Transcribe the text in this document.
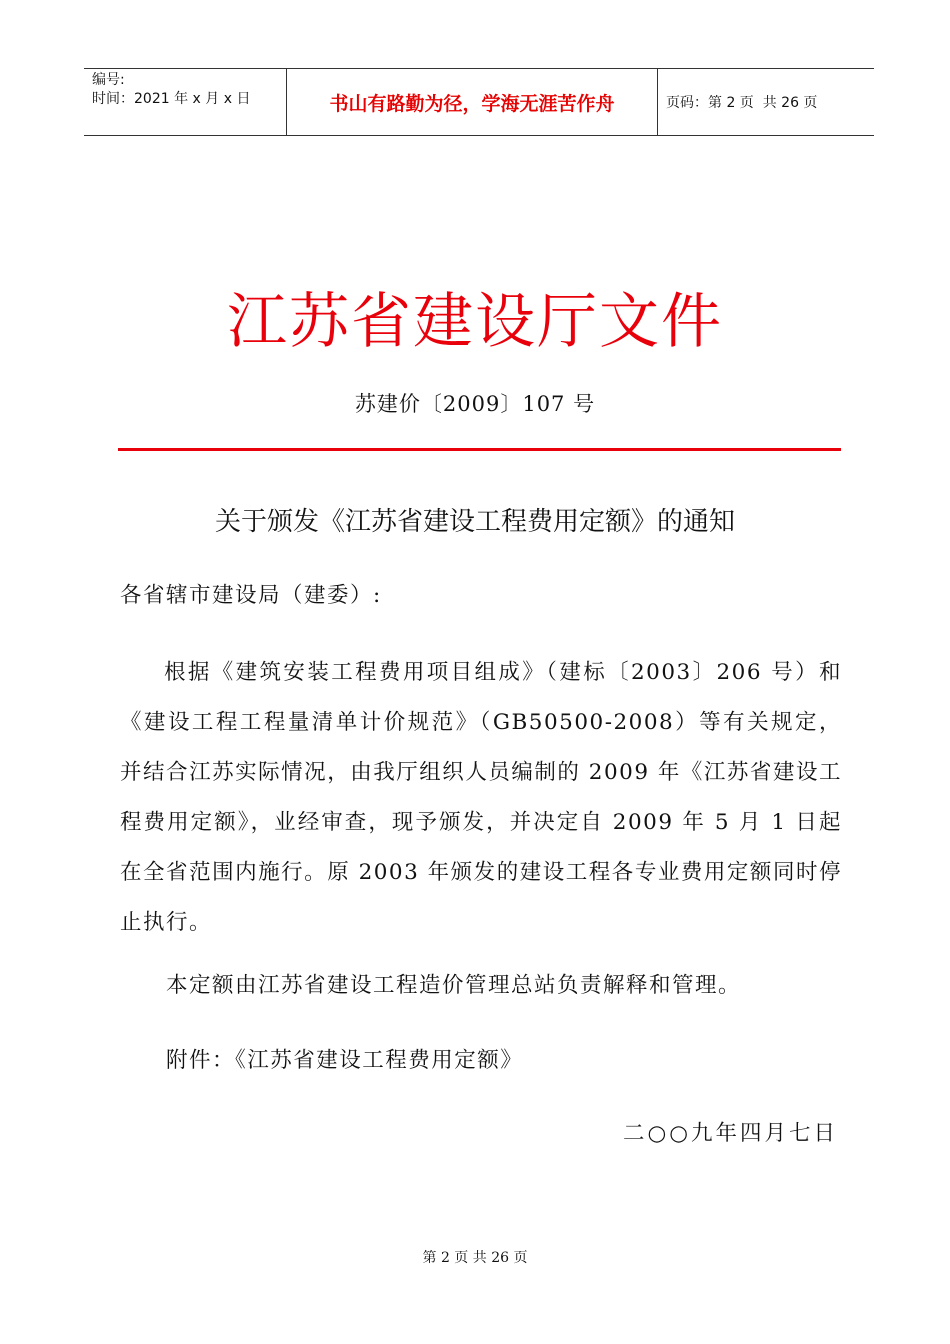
编号:
时间：2021 年 x 月 x 日	书山有路勤为径，学海无涯苦作舟	页码：第 2 页  共 26 页
江苏省建设厅文件
苏建价〔2009〕107 号
关于颁发《江苏省建设工程费用定额》的通知
各省辖市建设局（建委）:
根据《建筑安装工程费用项目组成》（建标〔2003〕206 号）和《建设工程工程量清单计价规范》（GB50500-2008）等有关规定，并结合江苏实际情况，由我厅组织人员编制的 2009 年《江苏省建设工程费用定额》，业经审查，现予颁发，并决定自 2009 年 5 月 1 日起在全省范围内施行。原 2003 年颁发的建设工程各专业费用定额同时停止执行。
本定额由江苏省建设工程造价管理总站负责解释和管理。
附件：《江苏省建设工程费用定额》
二○○九年四月七日
第 2 页 共 26 页
